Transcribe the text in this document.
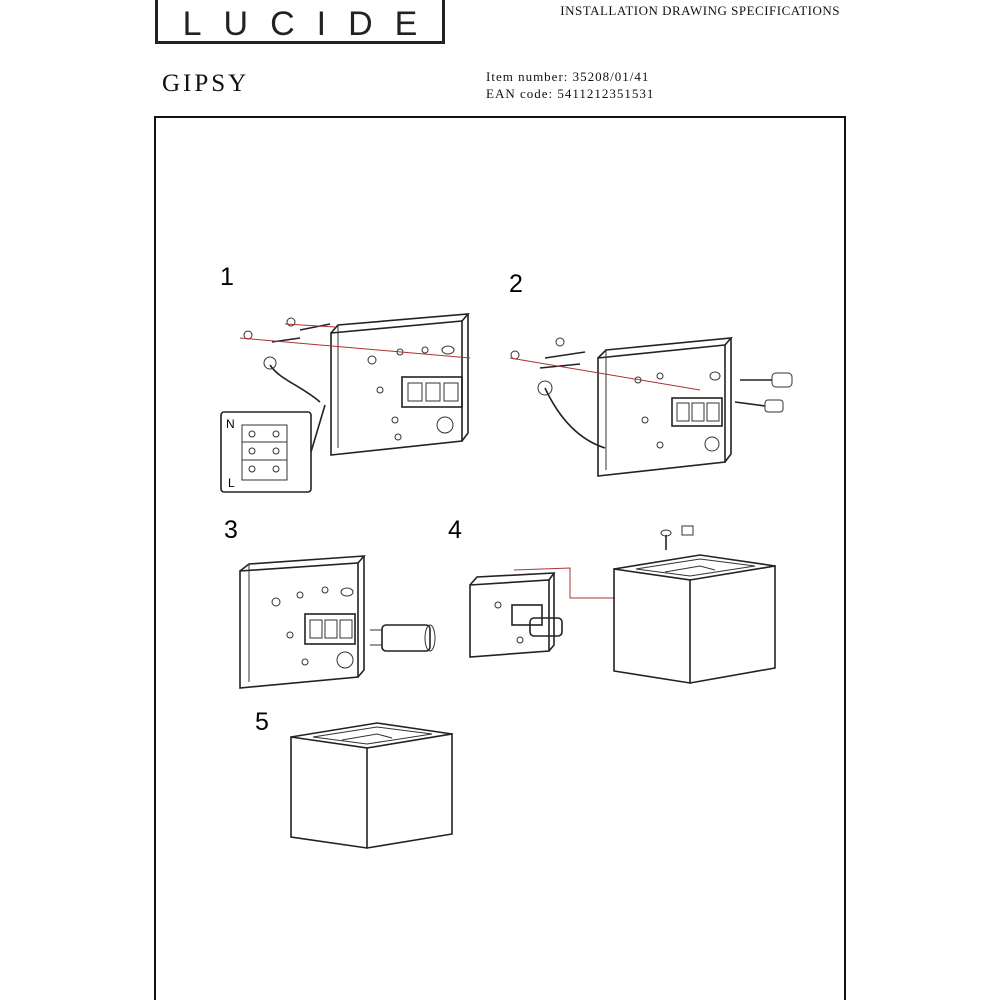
LUCIDE	INSTALLATION DRAWING SPECIFICATIONS
GIPSY	Item number: 35208/01/41
EAN code: 5411212351531
N
L
1	2
3	4
5
